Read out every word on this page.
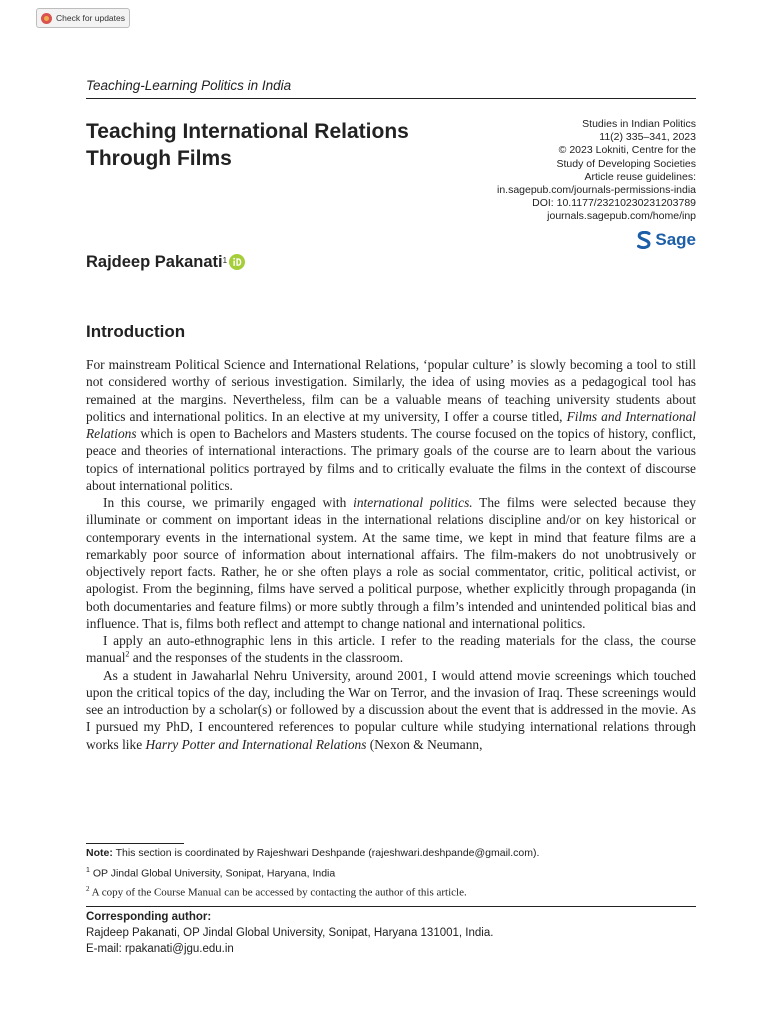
Check for updates
Teaching-Learning Politics in India
Teaching International Relations
Through Films
Studies in Indian Politics
11(2) 335–341, 2023
© 2023 Lokniti, Centre for the
Study of Developing Societies
Article reuse guidelines:
in.sagepub.com/journals-permissions-india
DOI: 10.1177/23210230231203789
journals.sagepub.com/home/inp
Sage
Rajdeep Pakanati 1
Introduction

For mainstream Political Science and International Relations, ‘popular culture’ is slowly becoming a tool to still not considered worthy of serious investigation. Similarly, the idea of using movies as a pedagogical tool has remained at the margins. Nevertheless, film can be a valuable means of teaching university students about politics and international politics. In an elective at my university, I offer a course titled, Films and International Relations which is open to Bachelors and Masters students. The course focused on the topics of history, conflict, peace and theories of international interactions. The primary goals of the course are to learn about the various topics of international politics portrayed by films and to critically evaluate the films in the context of discourse about international politics.

In this course, we primarily engaged with international politics. The films were selected because they illuminate or comment on important ideas in the international relations discipline and/or on key historical or contemporary events in the international system. At the same time, we kept in mind that feature films are a remarkably poor source of information about international affairs. The film-makers do not unobtrusively or objectively report facts. Rather, he or she often plays a role as social commentator, critic, political activist, or apologist. From the beginning, films have served a political purpose, whether explicitly through propaganda (in both documentaries and feature films) or more subtly through a film’s intended and unintended political bias and influence. That is, films both reflect and attempt to change national and international politics.

I apply an auto-ethnographic lens in this article. I refer to the reading materials for the class, the course manual$^2$ and the responses of the students in the classroom.

As a student in Jawaharlal Nehru University, around 2001, I would attend movie screenings which touched upon the critical topics of the day, including the War on Terror, and the invasion of Iraq. These screenings would see an introduction by a scholar(s) or followed by a discussion about the event that is addressed in the movie. As I pursued my PhD, I encountered references to popular culture while studying international relations through works like Harry Potter and International Relations (Nexon & Neumann,

Note: This section is coordinated by Rajeshwari Deshpande (rajeshwari.deshpande@gmail.com).

$^1$ OP Jindal Global University, Sonipat, Haryana, India

$^2$ A copy of the Course Manual can be accessed by contacting the author of this article.

Corresponding author:
Rajdeep Pakanati, OP Jindal Global University, Sonipat, Haryana 131001, India.
E-mail: rpakanati@jgu.edu.in
